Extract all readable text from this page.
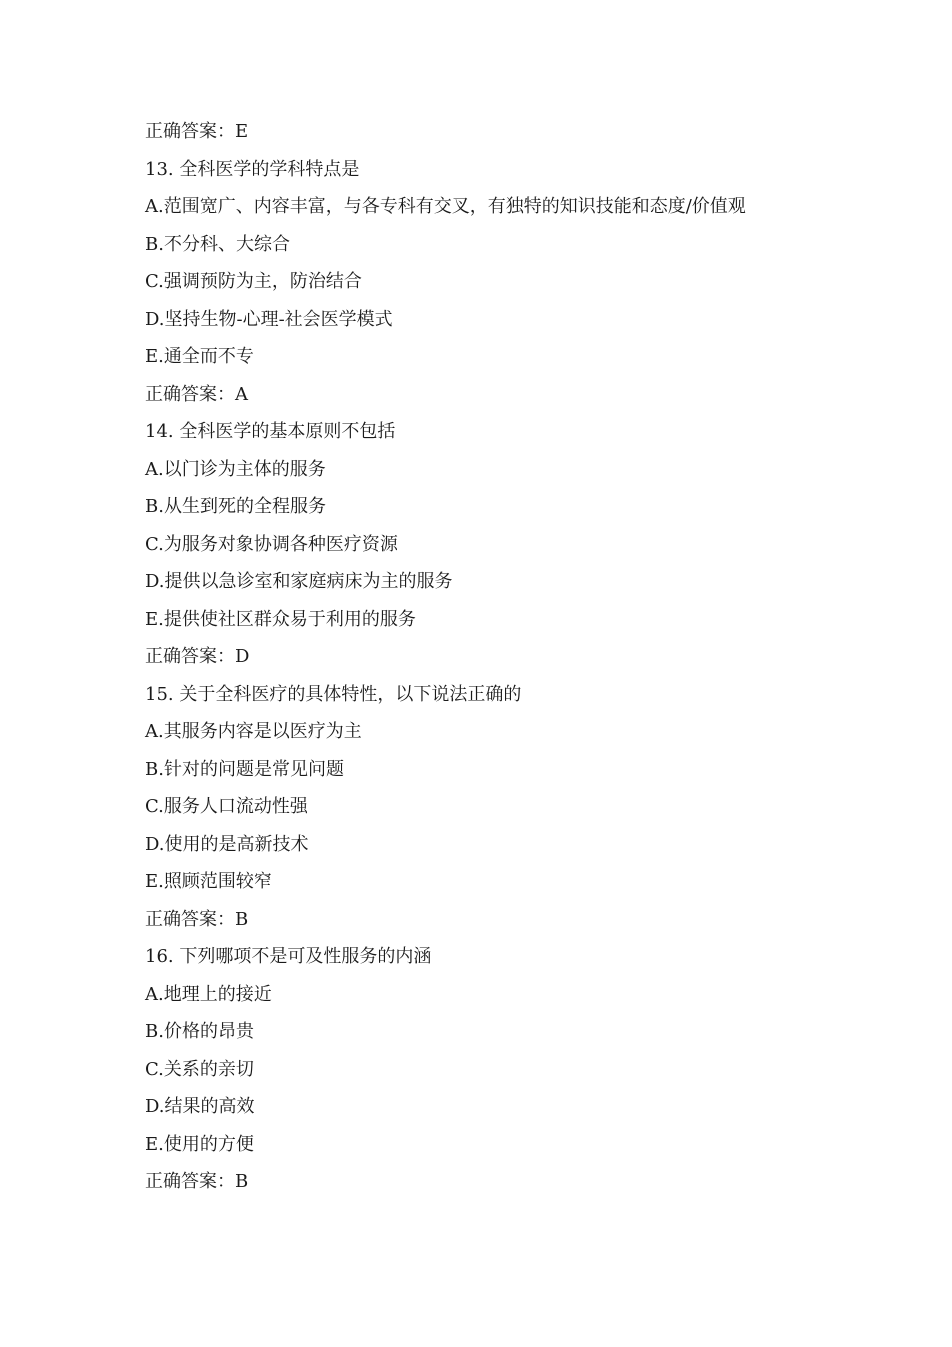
正确答案：E

13. 全科医学的学科特点是

A.范围宽广、内容丰富，与各专科有交叉，有独特的知识技能和态度/价值观

B.不分科、大综合

C.强调预防为主，防治结合

D.坚持生物-心理-社会医学模式

E.通全而不专

正确答案：A

14. 全科医学的基本原则不包括

A.以门诊为主体的服务

B.从生到死的全程服务

C.为服务对象协调各种医疗资源

D.提供以急诊室和家庭病床为主的服务

E.提供使社区群众易于利用的服务

正确答案：D

15. 关于全科医疗的具体特性，以下说法正确的

A.其服务内容是以医疗为主

B.针对的问题是常见问题

C.服务人口流动性强

D.使用的是高新技术

E.照顾范围较窄

正确答案：B

16. 下列哪项不是可及性服务的内涵

A.地理上的接近

B.价格的昂贵

C.关系的亲切

D.结果的高效

E.使用的方便

正确答案：B
